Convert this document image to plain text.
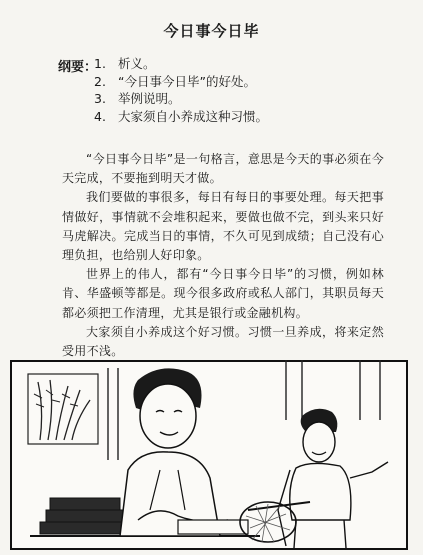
今日事今日毕
纲要：
1. 析义。
2. “今日事今日毕”的好处。
3. 举例说明。
4. 大家须自小养成这种习惯。

“今日事今日毕”是一句格言，意思是今天的事必须在今天完成，不要拖到明天才做。

我们要做的事很多，每日有每日的事要处理。每天把事情做好，事情就不会堆积起来，要做也做不完，到头来只好马虎解决。完成当日的事情，不久可见到成绩；自己没有心理负担，也给别人好印象。

世界上的伟人，都有“今日事今日毕”的习惯，例如林肯、华盛顿等都是。现今很多政府或私人部门，其职员每天都必须把工作清理，尤其是银行或金融机构。

大家须自小养成这个好习惯。习惯一旦养成，将来定然受用不浅。
